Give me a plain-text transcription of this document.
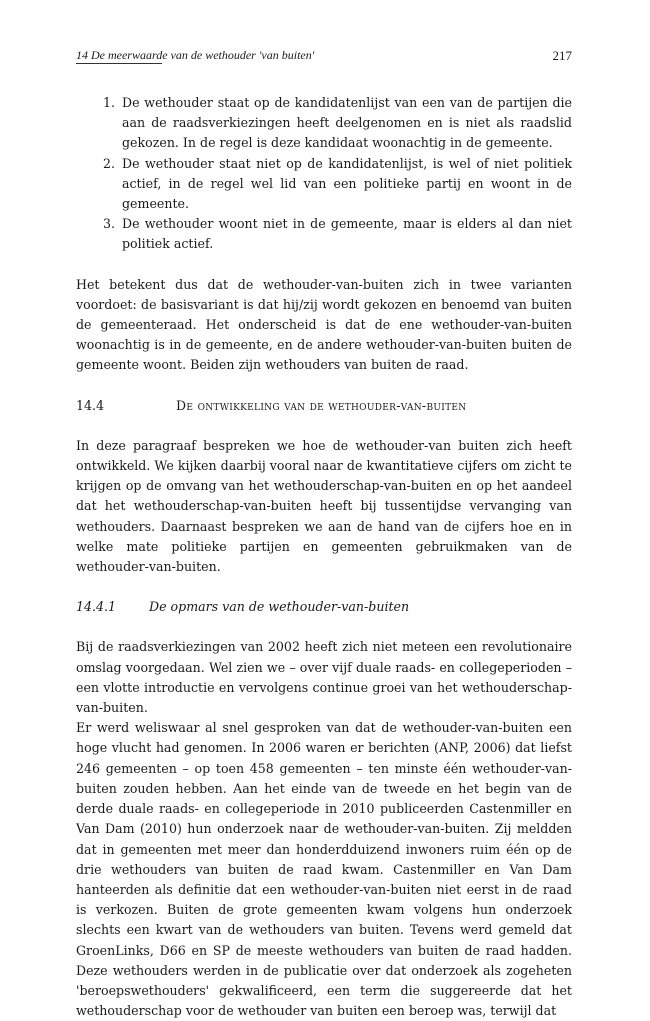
14 De meerwaarde van de wethouder 'van buiten'	217
1. De wethouder staat op de kandidatenlijst van een van de partijen die aan de raadsverkiezingen heeft deelgenomen en is niet als raadslid gekozen. In de regel is deze kandidaat woonachtig in de gemeente.
2. De wethouder staat niet op de kandidatenlijst, is wel of niet politiek actief, in de regel wel lid van een politieke partij en woont in de gemeente.
3. De wethouder woont niet in de gemeente, maar is elders al dan niet politiek actief.

Het betekent dus dat de wethouder-van-buiten zich in twee varianten voordoet: de basisvariant is dat hij/zij wordt gekozen en benoemd van buiten de gemeenteraad. Het onderscheid is dat de ene wethouder-van-buiten woonachtig is in de gemeente, en de andere wethouder-van-buiten buiten de gemeente woont. Beiden zijn wethouders van buiten de raad.

14.4	De ontwikkeling van de wethouder-van-buiten

In deze paragraaf bespreken we hoe de wethouder-van buiten zich heeft ontwikkeld. We kijken daarbij vooral naar de kwantitatieve cijfers om zicht te krijgen op de omvang van het wethouderschap-van-buiten en op het aandeel dat het wethouderschap-van-buiten heeft bij tussentijdse vervanging van wethouders. Daarnaast bespreken we aan de hand van de cijfers hoe en in welke mate politieke partijen en gemeenten gebruikmaken van de wethouder-van-buiten.

14.4.1	De opmars van de wethouder-van-buiten

Bij de raadsverkiezingen van 2002 heeft zich niet meteen een revolutionaire omslag voorgedaan. Wel zien we – over vijf duale raads- en collegeperioden – een vlotte introductie en vervolgens continue groei van het wethouderschap-van-buiten.

Er werd weliswaar al snel gesproken van dat de wethouder-van-buiten een hoge vlucht had genomen. In 2006 waren er berichten (ANP, 2006) dat liefst 246 gemeenten – op toen 458 gemeenten – ten minste één wethouder-van-buiten zouden hebben. Aan het einde van de tweede en het begin van de derde duale raads- en collegeperiode in 2010 publiceerden Castenmiller en Van Dam (2010) hun onderzoek naar de wethouder-van-buiten. Zij meldden dat in gemeenten met meer dan honderdduizend inwoners ruim één op de drie wethouders van buiten de raad kwam. Castenmiller en Van Dam hanteerden als definitie dat een wethouder-van-buiten niet eerst in de raad is verkozen. Buiten de grote gemeenten kwam volgens hun onderzoek slechts een kwart van de wethouders van buiten. Tevens werd gemeld dat GroenLinks, D66 en SP de meeste wethouders van buiten de raad hadden. Deze wethouders werden in de publicatie over dat onderzoek als zogeheten 'beroepswethouders' gekwalificeerd, een term die suggereerde dat het wethouderschap voor de wethouder van buiten een beroep was, terwijl dat
